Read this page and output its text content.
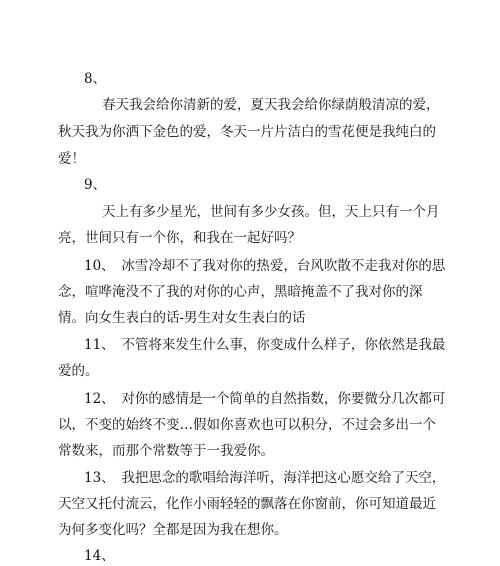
8、
春天我会给你清新的爱，夏天我会给你绿荫般清凉的爱，
秋天我为你洒下金色的爱，冬天一片片洁白的雪花便是我纯白的
爱！
9、
天上有多少星光，世间有多少女孩。但，天上只有一个月
亮，世间只有一个你，和我在一起好吗？
10、　冰雪冷却不了我对你的热爱，台风吹散不走我对你的思
念，喧哗淹没不了我的对你的心声，黑暗掩盖不了我对你的深
情。向女生表白的话-男生对女生表白的话
11、　不管将来发生什么事，你变成什么样子，你依然是我最
爱的。
12、　对你的感情是一个简单的自然指数，你要微分几次都可
以，不变的始终不变…假如你喜欢也可以积分，不过会多出一个
常数来，而那个常数等于一我爱你。
13、　我把思念的歌唱给海洋听，海洋把这心愿交给了天空，
天空又托付流云，化作小雨轻轻的飘落在你窗前，你可知道最近
为何多变化吗？全都是因为我在想你。
14、
